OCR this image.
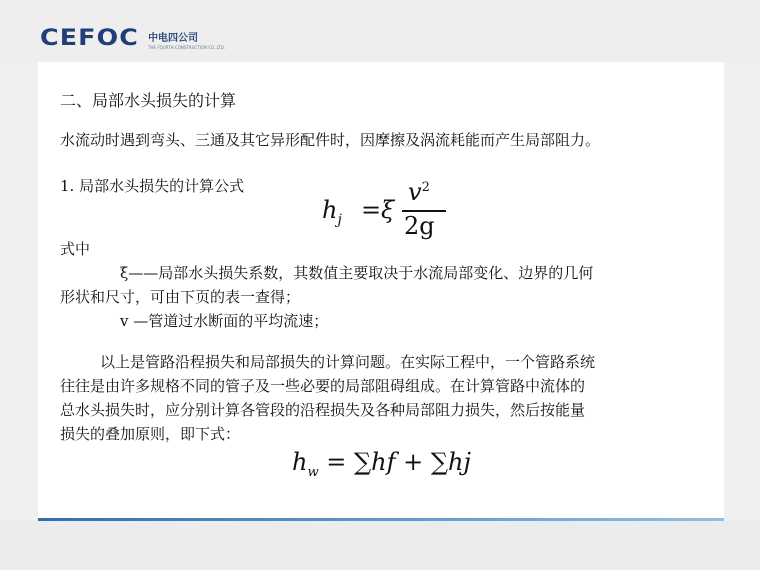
CEFOC 中电四公司
THE FOURTH CONSTRUCTION CO.,LTD.
二、局部水头损失的计算
水流动时遇到弯头、三通及其它异形配件时，因摩擦及涡流耗能而产生局部阻力。
1. 局部水头损失的计算公式
$h_j = \xi$
$v^2$
2g
式中
ξ——局部水头损失系数，其数值主要取决于水流局部变化、边界的几何
形状和尺寸，可由下页的表一查得；
v —管道过水断面的平均流速；
以上是管路沿程损失和局部损失的计算问题。在实际工程中，一个管路系统
往往是由许多规格不同的管子及一些必要的局部阻碍组成。在计算管路中流体的
总水头损失时，应分别计算各管段的沿程损失及各种局部阻力损失，然后按能量
损失的叠加原则，即下式：
$h_w = \sum hf + \sum hj$
